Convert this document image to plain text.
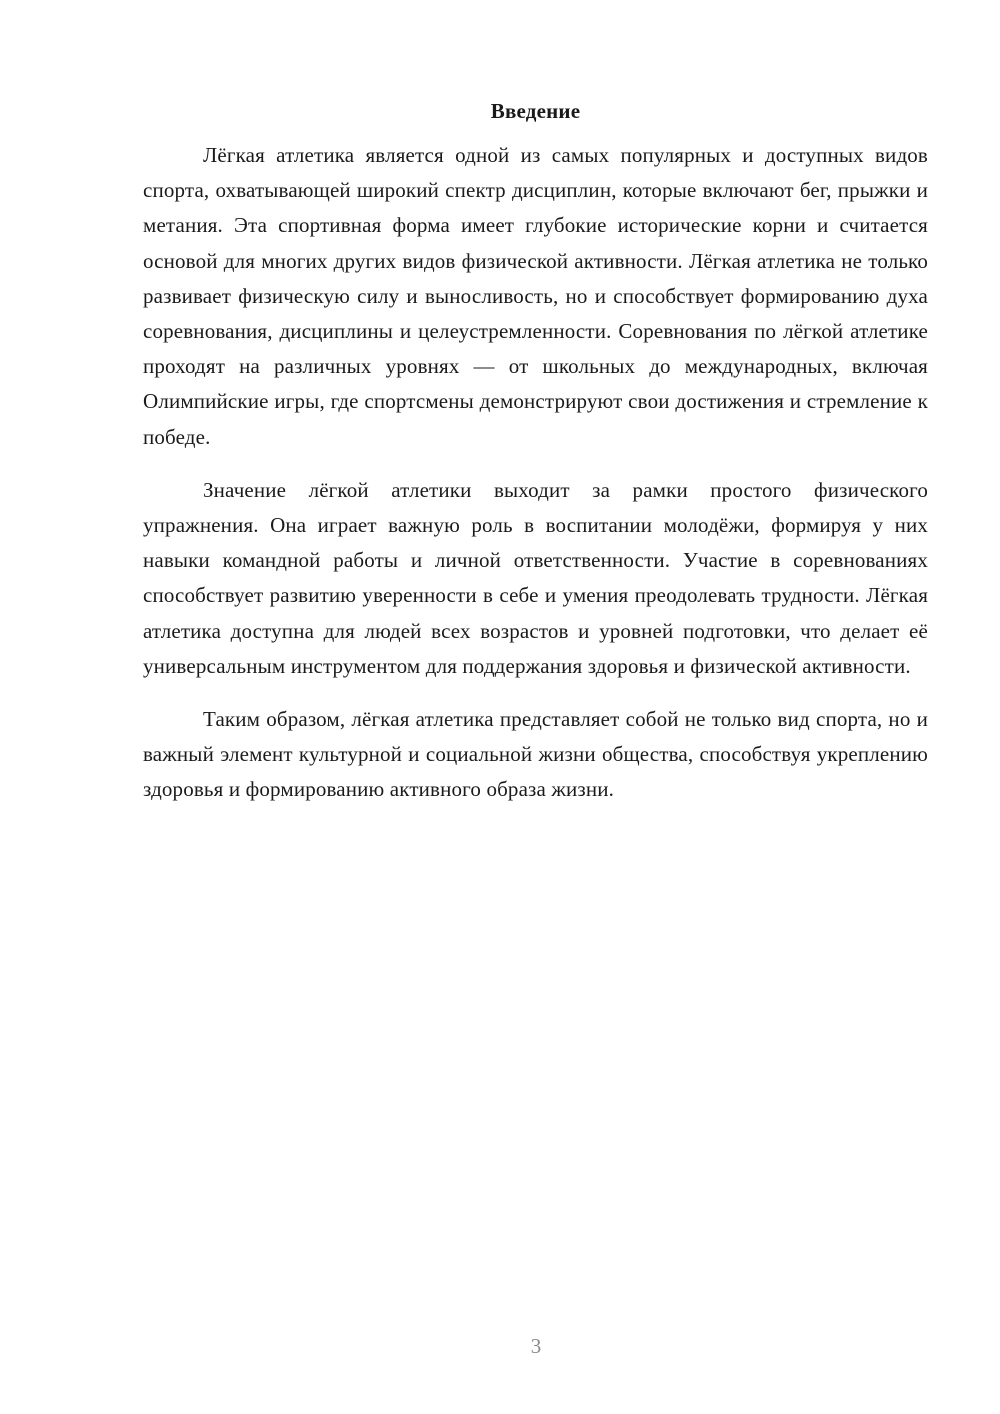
Введение

Лёгкая атлетика является одной из самых популярных и доступных видов спорта, охватывающей широкий спектр дисциплин, которые включают бег, прыжки и метания. Эта спортивная форма имеет глубокие исторические корни и считается основой для многих других видов физической активности. Лёгкая атлетика не только развивает физическую силу и выносливость, но и способствует формированию духа соревнования, дисциплины и целеустремленности. Соревнования по лёгкой атлетике проходят на различных уровнях — от школьных до международных, включая Олимпийские игры, где спортсмены демонстрируют свои достижения и стремление к победе.

Значение лёгкой атлетики выходит за рамки простого физического упражнения. Она играет важную роль в воспитании молодёжи, формируя у них навыки командной работы и личной ответственности. Участие в соревнованиях способствует развитию уверенности в себе и умения преодолевать трудности. Лёгкая атлетика доступна для людей всех возрастов и уровней подготовки, что делает её универсальным инструментом для поддержания здоровья и физической активности.

Таким образом, лёгкая атлетика представляет собой не только вид спорта, но и важный элемент культурной и социальной жизни общества, способствуя укреплению здоровья и формированию активного образа жизни.

3
